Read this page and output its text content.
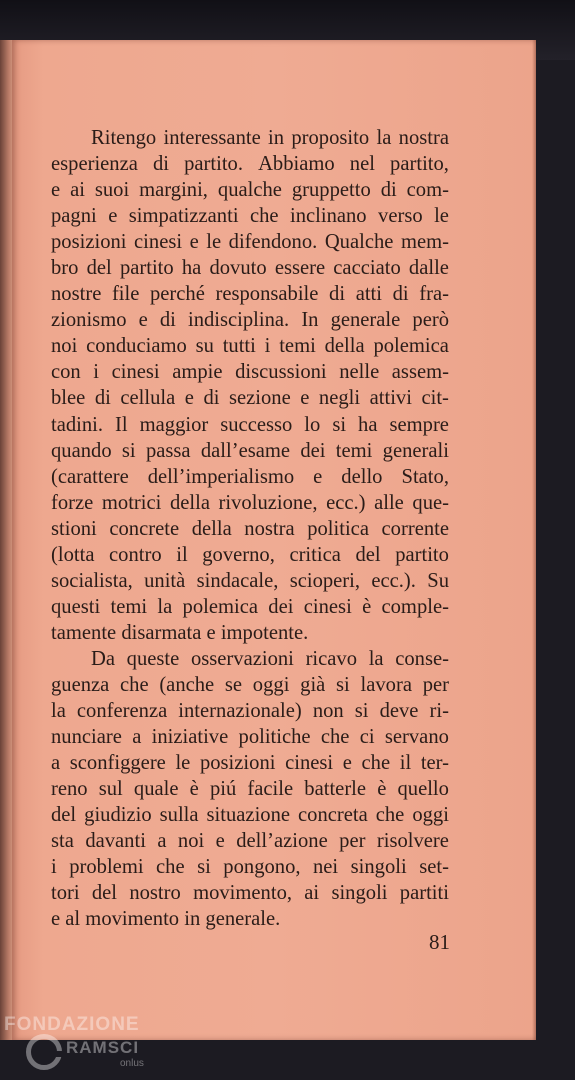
Ritengo interessante in proposito la nostra
esperienza di partito. Abbiamo nel partito,
e ai suoi margini, qualche gruppetto di com-
pagni e simpatizzanti che inclinano verso le
posizioni cinesi e le difendono. Qualche mem-
bro del partito ha dovuto essere cacciato dalle
nostre file perché responsabile di atti di fra-
zionismo e di indisciplina. In generale però
noi conduciamo su tutti i temi della polemica
con i cinesi ampie discussioni nelle assem-
blee di cellula e di sezione e negli attivi cit-
tadini. Il maggior successo lo si ha sempre
quando si passa dall’esame dei temi generali
(carattere dell’imperialismo e dello Stato,
forze motrici della rivoluzione, ecc.) alle que-
stioni concrete della nostra politica corrente
(lotta contro il governo, critica del partito
socialista, unità sindacale, scioperi, ecc.). Su
questi temi la polemica dei cinesi è comple-
tamente disarmata e impotente.
Da queste osservazioni ricavo la conse-
guenza che (anche se oggi già si lavora per
la conferenza internazionale) non si deve ri-
nunciare a iniziative politiche che ci servano
a sconfiggere le posizioni cinesi e che il ter-
reno sul quale è piú facile batterle è quello
del giudizio sulla situazione concreta che oggi
sta davanti a noi e dell’azione per risolvere
i problemi che si pongono, nei singoli set-
tori del nostro movimento, ai singoli partiti
e al movimento in generale.
81
FONDAZIONE
RAMSCI
onlus
